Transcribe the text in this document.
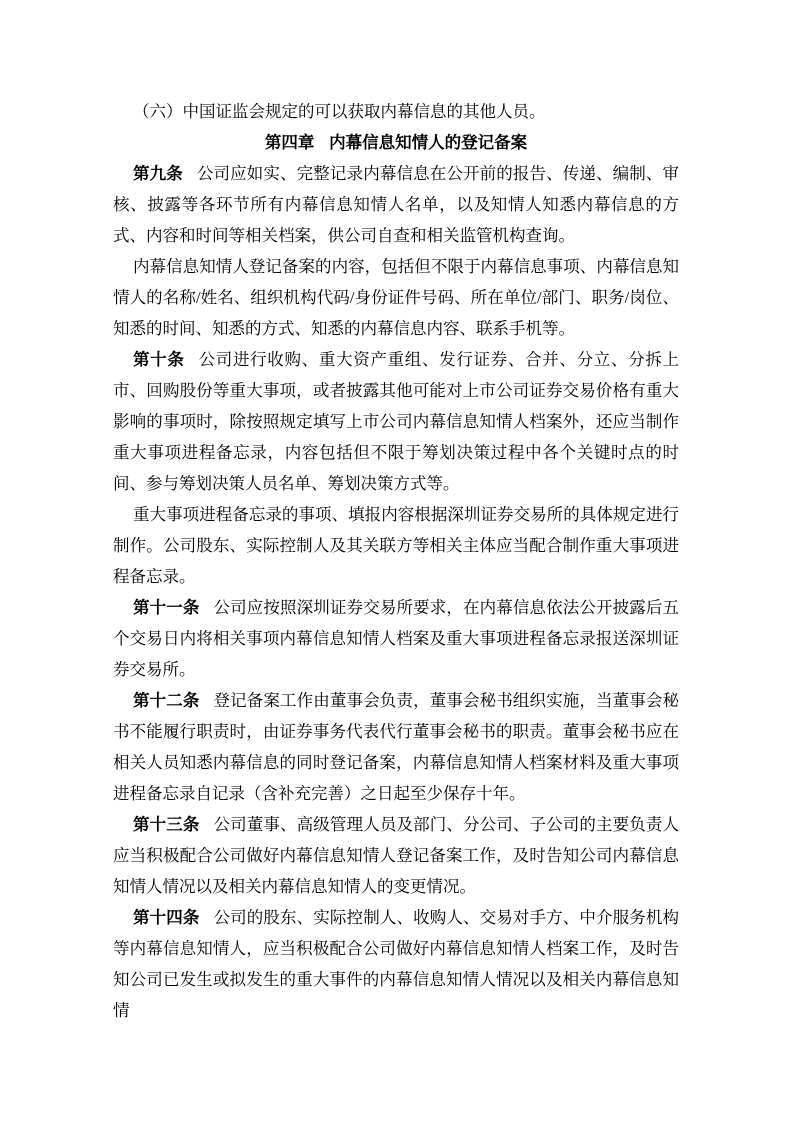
（六）中国证监会规定的可以获取内幕信息的其他人员。

第四章 内幕信息知情人的登记备案

第九条 公司应如实、完整记录内幕信息在公开前的报告、传递、编制、审核、披露等各环节所有内幕信息知情人名单，以及知情人知悉内幕信息的方式、内容和时间等相关档案，供公司自查和相关监管机构查询。

内幕信息知情人登记备案的内容，包括但不限于内幕信息事项、内幕信息知情人的名称/姓名、组织机构代码/身份证件号码、所在单位/部门、职务/岗位、知悉的时间、知悉的方式、知悉的内幕信息内容、联系手机等。

第十条 公司进行收购、重大资产重组、发行证券、合并、分立、分拆上市、回购股份等重大事项，或者披露其他可能对上市公司证券交易价格有重大影响的事项时，除按照规定填写上市公司内幕信息知情人档案外，还应当制作重大事项进程备忘录，内容包括但不限于筹划决策过程中各个关键时点的时间、参与筹划决策人员名单、筹划决策方式等。

重大事项进程备忘录的事项、填报内容根据深圳证券交易所的具体规定进行制作。公司股东、实际控制人及其关联方等相关主体应当配合制作重大事项进程备忘录。

第十一条 公司应按照深圳证券交易所要求，在内幕信息依法公开披露后五个交易日内将相关事项内幕信息知情人档案及重大事项进程备忘录报送深圳证券交易所。

第十二条 登记备案工作由董事会负责，董事会秘书组织实施，当董事会秘书不能履行职责时，由证券事务代表代行董事会秘书的职责。董事会秘书应在相关人员知悉内幕信息的同时登记备案，内幕信息知情人档案材料及重大事项进程备忘录自记录（含补充完善）之日起至少保存十年。

第十三条 公司董事、高级管理人员及部门、分公司、子公司的主要负责人应当积极配合公司做好内幕信息知情人登记备案工作，及时告知公司内幕信息知情人情况以及相关内幕信息知情人的变更情况。

第十四条 公司的股东、实际控制人、收购人、交易对手方、中介服务机构等内幕信息知情人，应当积极配合公司做好内幕信息知情人档案工作，及时告知公司已发生或拟发生的重大事件的内幕信息知情人情况以及相关内幕信息知情
